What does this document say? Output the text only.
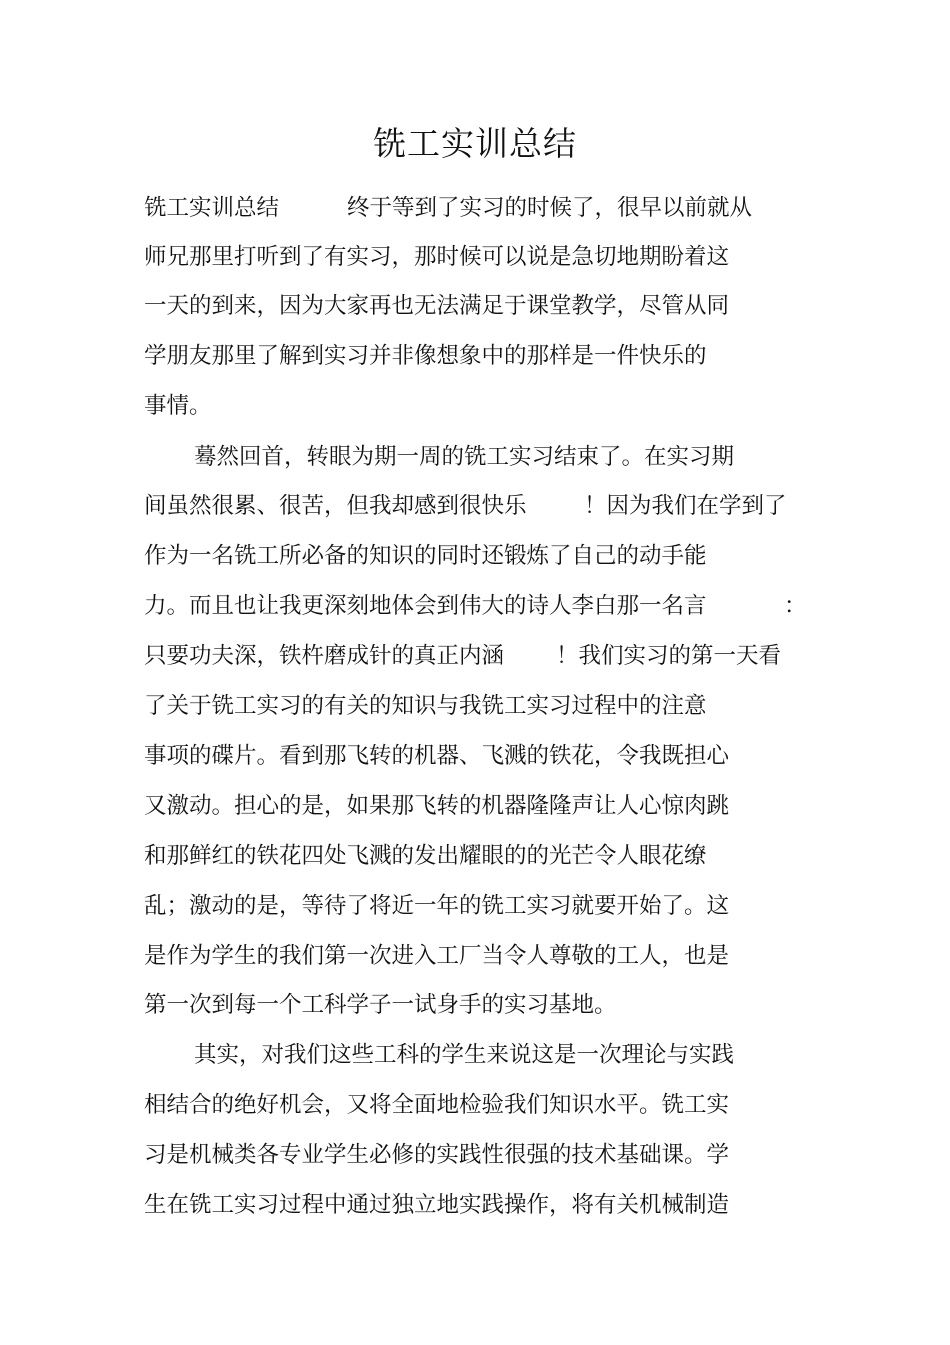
铣工实训总结

铣工实训总结

	终于等到了实习的时候了，很早以前就从

师兄那里打听到了有实习，那时候可以说是急切地期盼着这
一天的到来，因为大家再也无法满足于课堂教学，尽管从同
学朋友那里了解到实习并非像想象中的那样是一件快乐的
事情。
蓦然回首，转眼为期一周的铣工实习结束了。在实习期

间虽然很累、很苦，但我却感到很快乐

	！因为我们在学到了

作为一名铣工所必备的知识的同时还锻炼了自己的动手能

力。而且也让我更深刻地体会到伟大的诗人李白那一名言

	：

只要功夫深，铁杵磨成针的真正内涵

！我们实习的第一天看

了关于铣工实习的有关的知识与我铣工实习过程中的注意
事项的碟片。看到那飞转的机器、飞溅的铁花，令我既担心
又激动。担心的是，如果那飞转的机器隆隆声让人心惊肉跳
和那鲜红的铁花四处飞溅的发出耀眼的的光芒令人眼花缭
乱；激动的是，等待了将近一年的铣工实习就要开始了。这
是作为学生的我们第一次进入工厂当令人尊敬的工人，也是
第一次到每一个工科学子一试身手的实习基地。
其实，对我们这些工科的学生来说这是一次理论与实践
相结合的绝好机会，又将全面地检验我们知识水平。铣工实
习是机械类各专业学生必修的实践性很强的技术基础课。学
生在铣工实习过程中通过独立地实践操作，将有关机械制造
